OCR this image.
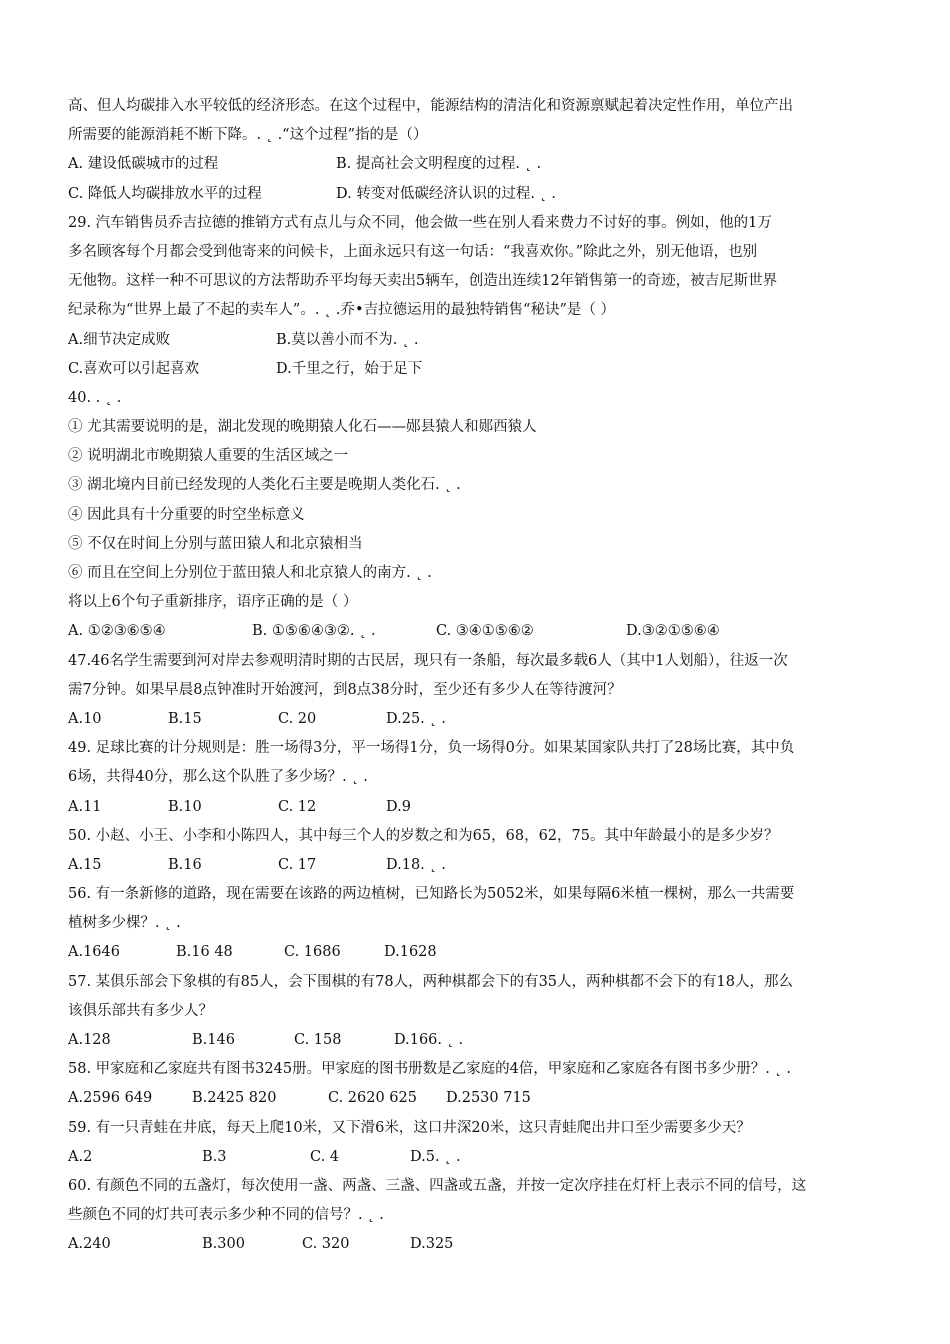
高、但人均碳排入水平较低的经济形态。在这个过程中，能源结构的清洁化和资源禀赋起着决定性作用，单位产出
所需要的能源消耗不断下降。. ˛ .“这个过程”指的是（）
A. 建设低碳城市的过程	B. 提高社会文明程度的过程. ˛ .
C. 降低人均碳排放水平的过程	D. 转变对低碳经济认识的过程. ˛ .
29. 汽车销售员乔吉拉德的推销方式有点儿与众不同，他会做一些在别人看来费力不讨好的事。例如，他的1万
多名顾客每个月都会受到他寄来的问候卡，上面永远只有这一句话：“我喜欢你。”除此之外，别无他语，也别
无他物。这样一种不可思议的方法帮助乔平均每天卖出5辆车，创造出连续12年销售第一的奇迹，被吉尼斯世界
纪录称为“世界上最了不起的卖车人”。. ˛ .乔•吉拉德运用的最独特销售“秘诀”是（ ）
A.细节决定成败	B.莫以善小而不为. ˛ .
C.喜欢可以引起喜欢	D.千里之行，始于足下
40. . ˛ .
① 尤其需要说明的是，湖北发现的晚期猿人化石——郧县猿人和郧西猿人
② 说明湖北市晚期猿人重要的生活区域之一
③ 湖北境内目前已经发现的人类化石主要是晚期人类化石. ˛ .
④ 因此具有十分重要的时空坐标意义
⑤ 不仅在时间上分别与蓝田猿人和北京猿相当
⑥ 而且在空间上分别位于蓝田猿人和北京猿人的南方. ˛ .
将以上6个句子重新排序，语序正确的是（ ）
A. ①②③⑥⑤④	B. ①⑤⑥④③②. ˛ .	C. ③④①⑤⑥②	D.③②①⑤⑥④
47.46名学生需要到河对岸去参观明清时期的古民居，现只有一条船，每次最多载6人（其中1人划船），往返一次
需7分钟。如果早晨8点钟准时开始渡河，到8点38分时，至少还有多少人在等待渡河？
A.10	B.15	C. 20	D.25. ˛ .
49. 足球比赛的计分规则是：胜一场得3分，平一场得1分，负一场得0分。如果某国家队共打了28场比赛，其中负
6场，共得40分，那么这个队胜了多少场？. ˛ .
A.11	B.10	C. 12	D.9
50. 小赵、小王、小李和小陈四人，其中每三个人的岁数之和为65，68，62，75。其中年龄最小的是多少岁？
A.15	B.16	C. 17	D.18. ˛ .
56. 有一条新修的道路，现在需要在该路的两边植树，已知路长为5052米，如果每隔6米植一棵树，那么一共需要
植树多少棵？. ˛ .
A.1646	B.16 48	C. 1686	D.1628
57. 某俱乐部会下象棋的有85人，会下围棋的有78人，两种棋都会下的有35人，两种棋都不会下的有18人，那么
该俱乐部共有多少人？
A.128	B.146	C. 158	D.166. ˛ .
58. 甲家庭和乙家庭共有图书3245册。甲家庭的图书册数是乙家庭的4倍，甲家庭和乙家庭各有图书多少册？. ˛ .
A.2596 649	B.2425 820	C. 2620 625 D.2530 715
59. 有一只青蛙在井底，每天上爬10米，又下滑6米，这口井深20米，这只青蛙爬出井口至少需要多少天？
A.2	B.3	C. 4	D.5. ˛ .
60. 有颜色不同的五盏灯，每次使用一盏、两盏、三盏、四盏或五盏，并按一定次序挂在灯杆上表示不同的信号，这
些颜色不同的灯共可表示多少种不同的信号？. ˛ .
A.240	B.300	C. 320	D.325
